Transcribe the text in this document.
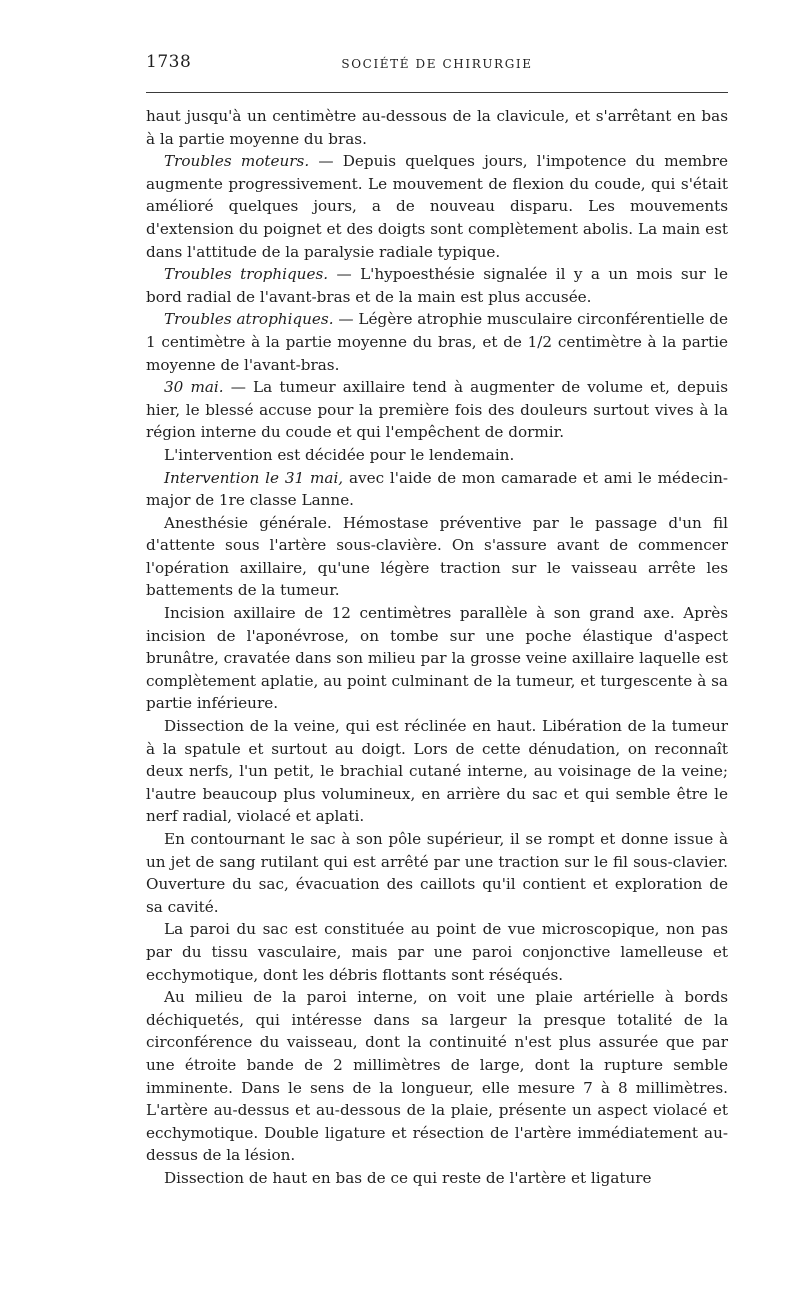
1738	SOCIÉTÉ DE CHIRURGIE

haut jusqu'à un centimètre au-dessous de la clavicule, et s'arrêtant en bas à la partie moyenne du bras.

Troubles moteurs. — Depuis quelques jours, l'impotence du membre augmente progressivement. Le mouvement de flexion du coude, qui s'était amélioré quelques jours, a de nouveau disparu. Les mouvements d'extension du poignet et des doigts sont complètement abolis. La main est dans l'attitude de la paralysie radiale typique.

Troubles trophiques. — L'hypoesthésie signalée il y a un mois sur le bord radial de l'avant-bras et de la main est plus accusée.

Troubles atrophiques. — Légère atrophie musculaire circonférentielle de 1 centimètre à la partie moyenne du bras, et de 1/2 centimètre à la partie moyenne de l'avant-bras.

30 mai. — La tumeur axillaire tend à augmenter de volume et, depuis hier, le blessé accuse pour la première fois des douleurs surtout vives à la région interne du coude et qui l'empêchent de dormir.

L'intervention est décidée pour le lendemain.

Intervention le 31 mai, avec l'aide de mon camarade et ami le médecin-major de 1re classe Lanne.

Anesthésie générale. Hémostase préventive par le passage d'un fil d'attente sous l'artère sous-clavière. On s'assure avant de commencer l'opération axillaire, qu'une légère traction sur le vaisseau arrête les battements de la tumeur.

Incision axillaire de 12 centimètres parallèle à son grand axe. Après incision de l'aponévrose, on tombe sur une poche élastique d'aspect brunâtre, cravatée dans son milieu par la grosse veine axillaire laquelle est complètement aplatie, au point culminant de la tumeur, et turgescente à sa partie inférieure.

Dissection de la veine, qui est réclinée en haut. Libération de la tumeur à la spatule et surtout au doigt. Lors de cette dénudation, on reconnaît deux nerfs, l'un petit, le brachial cutané interne, au voisinage de la veine; l'autre beaucoup plus volumineux, en arrière du sac et qui semble être le nerf radial, violacé et aplati.

En contournant le sac à son pôle supérieur, il se rompt et donne issue à un jet de sang rutilant qui est arrêté par une traction sur le fil sous-clavier. Ouverture du sac, évacuation des caillots qu'il contient et exploration de sa cavité.

La paroi du sac est constituée au point de vue microscopique, non pas par du tissu vasculaire, mais par une paroi conjonctive lamelleuse et ecchymotique, dont les débris flottants sont réséqués.

Au milieu de la paroi interne, on voit une plaie artérielle à bords déchiquetés, qui intéresse dans sa largeur la presque totalité de la circonférence du vaisseau, dont la continuité n'est plus assurée que par une étroite bande de 2 millimètres de large, dont la rupture semble imminente. Dans le sens de la longueur, elle mesure 7 à 8 millimètres. L'artère au-dessus et au-dessous de la plaie, présente un aspect violacé et ecchymotique. Double ligature et résection de l'artère immédiatement au-dessus de la lésion.

Dissection de haut en bas de ce qui reste de l'artère et ligature
